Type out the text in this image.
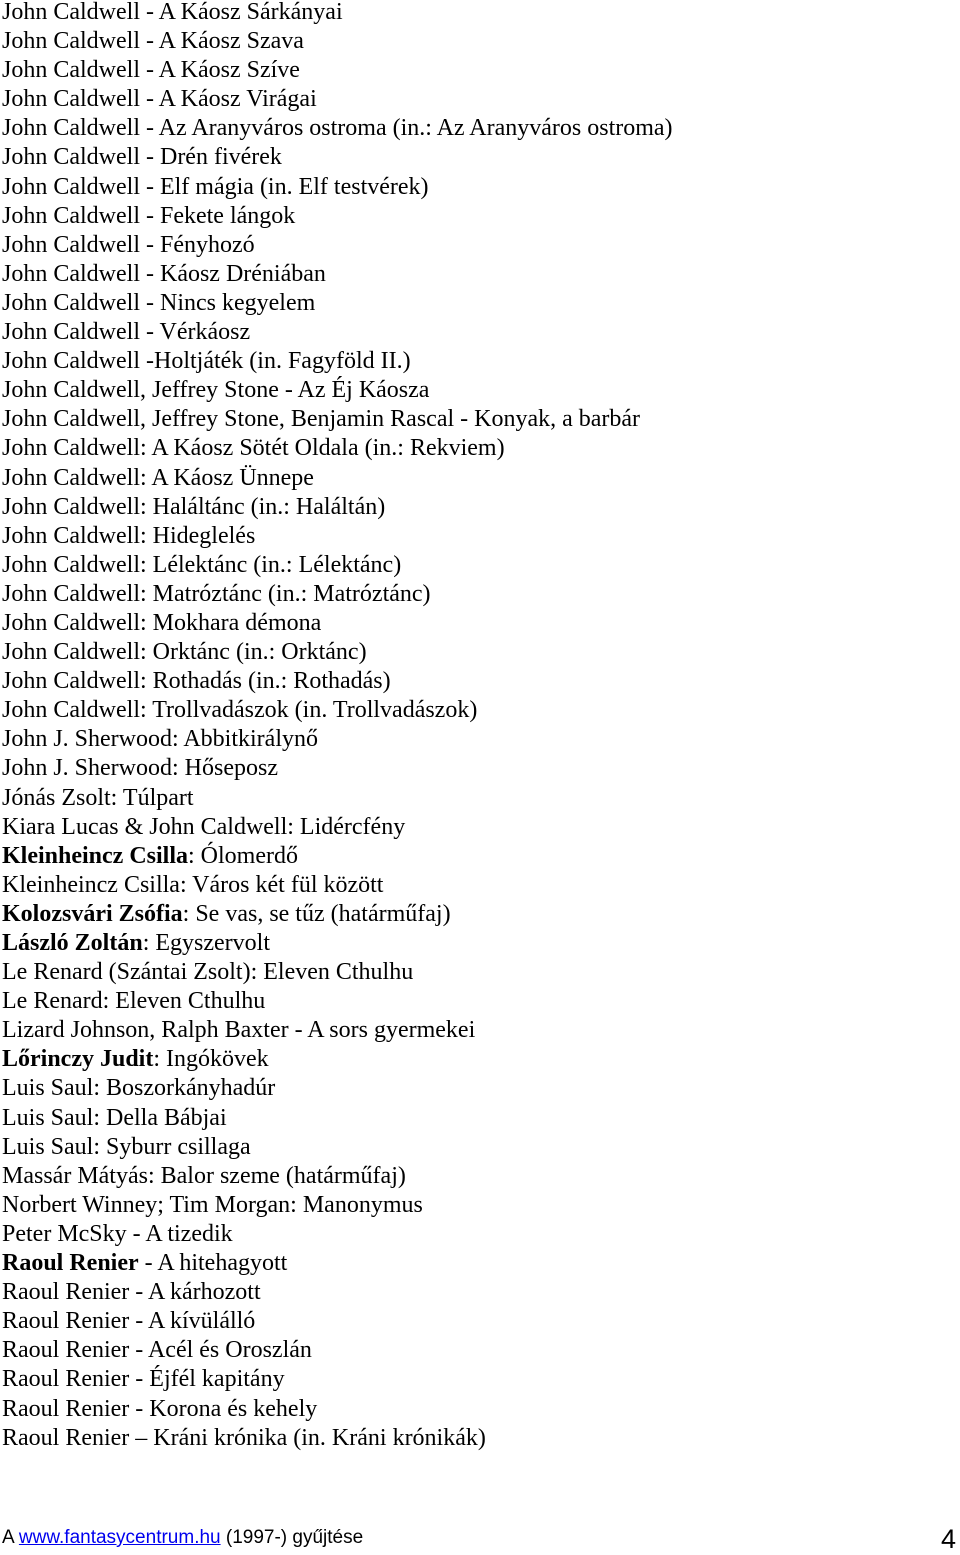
John Caldwell - A Káosz Sárkányai
John Caldwell - A Káosz Szava
John Caldwell - A Káosz Szíve
John Caldwell - A Káosz Virágai
John Caldwell - Az Aranyváros ostroma (in.: Az Aranyváros ostroma)
John Caldwell - Drén fivérek
John Caldwell - Elf mágia (in. Elf testvérek)
John Caldwell - Fekete lángok
John Caldwell - Fényhozó
John Caldwell - Káosz Dréniában
John Caldwell - Nincs kegyelem
John Caldwell - Vérkáosz
John Caldwell -Holtjáték (in. Fagyföld II.)
John Caldwell, Jeffrey Stone - Az Éj Káosza
John Caldwell, Jeffrey Stone, Benjamin Rascal - Konyak, a barbár
John Caldwell: A Káosz Sötét Oldala (in.: Rekviem)
John Caldwell: A Káosz Ünnepe
John Caldwell: Haláltánc (in.: Haláltán)
John Caldwell: Hideglelés
John Caldwell: Lélektánc (in.: Lélektánc)
John Caldwell: Matróztánc (in.: Matróztánc)
John Caldwell: Mokhara démona
John Caldwell: Orktánc (in.: Orktánc)
John Caldwell: Rothadás (in.: Rothadás)
John Caldwell: Trollvadászok (in. Trollvadászok)
John J. Sherwood: Abbitkirálynő
John J. Sherwood: Hőseposz
Jónás Zsolt: Túlpart
Kiara Lucas & John Caldwell: Lidércfény
Kleinheincz Csilla: Ólomerdő
Kleinheincz Csilla: Város két fül között
Kolozsvári Zsófia: Se vas, se tűz (határműfaj)
László Zoltán: Egyszervolt
Le Renard (Szántai Zsolt): Eleven Cthulhu
Le Renard: Eleven Cthulhu
Lizard Johnson, Ralph Baxter - A sors gyermekei
Lőrinczy Judit: Ingókövek
Luis Saul: Boszorkányhadúr
Luis Saul: Della Bábjai
Luis Saul: Syburr csillaga
Massár Mátyás: Balor szeme (határműfaj)
Norbert Winney; Tim Morgan: Manonymus
Peter McSky - A tizedik
Raoul Renier - A hitehagyott
Raoul Renier - A kárhozott
Raoul Renier - A kívülálló
Raoul Renier - Acél és Oroszlán
Raoul Renier - Éjfél kapitány
Raoul Renier - Korona és kehely
Raoul Renier – Kráni krónika (in. Kráni krónikák)
A www.fantasycentrum.hu (1997-) gyűjtése	4
